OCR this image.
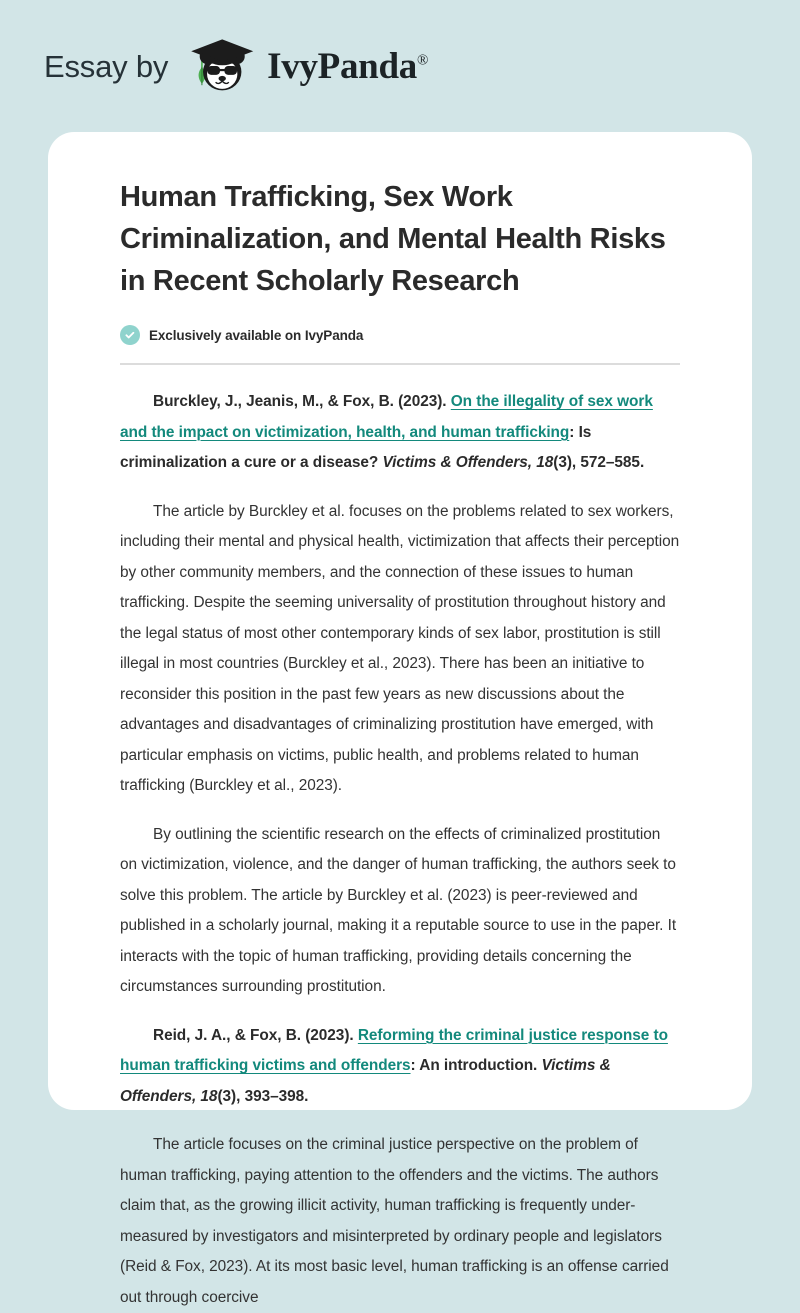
Essay by	IvyPanda®
Human Trafficking, Sex Work Criminalization, and Mental Health Risks in Recent Scholarly Research
Exclusively available on IvyPanda

Burckley, J., Jeanis, M., & Fox, B. (2023). On the illegality of sex work and the impact on victimization, health, and human trafficking: Is criminalization a cure or a disease? Victims & Offenders, 18(3), 572–585.

The article by Burckley et al. focuses on the problems related to sex workers, including their mental and physical health, victimization that affects their perception by other community members, and the connection of these issues to human trafficking. Despite the seeming universality of prostitution throughout history and the legal status of most other contemporary kinds of sex labor, prostitution is still illegal in most countries (Burckley et al., 2023). There has been an initiative to reconsider this position in the past few years as new discussions about the advantages and disadvantages of criminalizing prostitution have emerged, with particular emphasis on victims, public health, and problems related to human trafficking (Burckley et al., 2023).

By outlining the scientific research on the effects of criminalized prostitution on victimization, violence, and the danger of human trafficking, the authors seek to solve this problem. The article by Burckley et al. (2023) is peer-reviewed and published in a scholarly journal, making it a reputable source to use in the paper. It interacts with the topic of human trafficking, providing details concerning the circumstances surrounding prostitution.

Reid, J. A., & Fox, B. (2023). Reforming the criminal justice response to human trafficking victims and offenders: An introduction. Victims & Offenders, 18(3), 393–398.

The article focuses on the criminal justice perspective on the problem of human trafficking, paying attention to the offenders and the victims. The authors claim that, as the growing illicit activity, human trafficking is frequently under-measured by investigators and misinterpreted by ordinary people and legislators (Reid & Fox, 2023). At its most basic level, human trafficking is an offense carried out through coercive
